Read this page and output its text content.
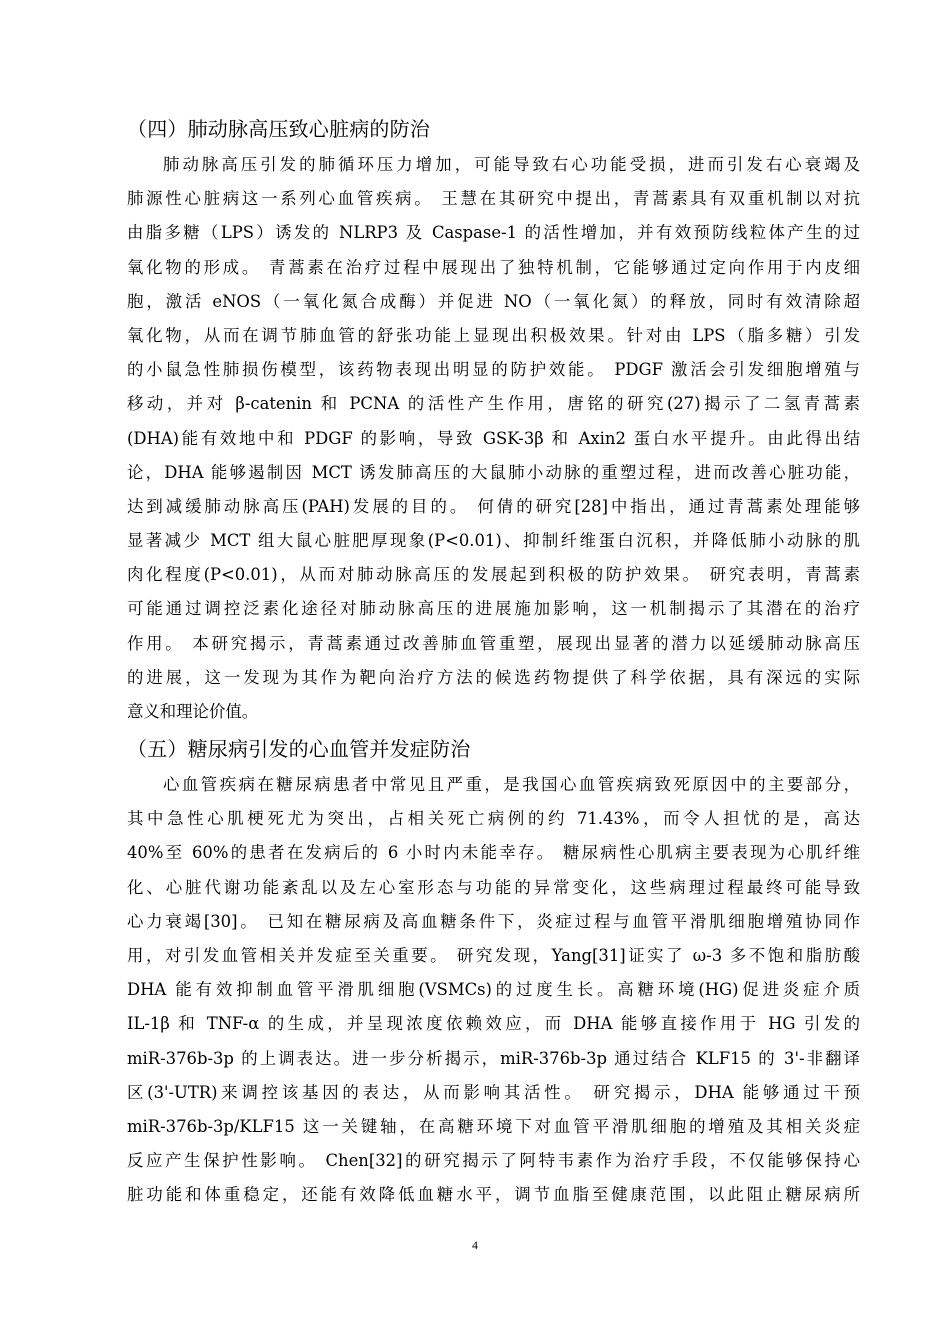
（四）肺动脉高压致心脏病的防治
肺动脉高压引发的肺循环压力增加，可能导致右心功能受损，进而引发右心衰竭及
肺源性心脏病这一系列心血管疾病。 王慧在其研究中提出，青蒿素具有双重机制以对抗
由脂多糖（LPS）诱发的 NLRP3 及 Caspase-1 的活性增加，并有效预防线粒体产生的过
氧化物的形成。 青蒿素在治疗过程中展现出了独特机制，它能够通过定向作用于内皮细
胞，激活 eNOS（一氧化氮合成酶）并促进 NO（一氧化氮）的释放，同时有效清除超
氧化物，从而在调节肺血管的舒张功能上显现出积极效果。针对由 LPS（脂多糖）引发
的小鼠急性肺损伤模型，该药物表现出明显的防护效能。 PDGF 激活会引发细胞增殖与
移动，并对 β-catenin 和 PCNA 的活性产生作用，唐铭的研究(27)揭示了二氢青蒿素
(DHA)能有效地中和 PDGF 的影响，导致 GSK-3β 和 Axin2 蛋白水平提升。由此得出结
论，DHA 能够遏制因 MCT 诱发肺高压的大鼠肺小动脉的重塑过程，进而改善心脏功能，
达到减缓肺动脉高压(PAH)发展的目的。 何倩的研究[28]中指出，通过青蒿素处理能够
显著减少 MCT 组大鼠心脏肥厚现象(P<0.01)、抑制纤维蛋白沉积，并降低肺小动脉的肌
肉化程度(P<0.01)，从而对肺动脉高压的发展起到积极的防护效果。 研究表明，青蒿素
可能通过调控泛素化途径对肺动脉高压的进展施加影响，这一机制揭示了其潜在的治疗
作用。 本研究揭示，青蒿素通过改善肺血管重塑，展现出显著的潜力以延缓肺动脉高压
的进展，这一发现为其作为靶向治疗方法的候选药物提供了科学依据，具有深远的实际
意义和理论价值。
（五）糖尿病引发的心血管并发症防治
心血管疾病在糖尿病患者中常见且严重，是我国心血管疾病致死原因中的主要部分，
其中急性心肌梗死尤为突出，占相关死亡病例的约 71.43%，而令人担忧的是，高达
40%至 60%的患者在发病后的 6 小时内未能幸存。 糖尿病性心肌病主要表现为心肌纤维
化、心脏代谢功能紊乱以及左心室形态与功能的异常变化，这些病理过程最终可能导致
心力衰竭[30]。 已知在糖尿病及高血糖条件下，炎症过程与血管平滑肌细胞增殖协同作
用，对引发血管相关并发症至关重要。 研究发现，Yang[31]证实了 ω-3 多不饱和脂肪酸
DHA 能有效抑制血管平滑肌细胞(VSMCs)的过度生长。高糖环境(HG)促进炎症介质
IL-1β 和 TNF-α 的生成，并呈现浓度依赖效应，而 DHA 能够直接作用于 HG 引发的
miR-376b-3p 的上调表达。进一步分析揭示，miR-376b-3p 通过结合 KLF15 的 3'-非翻译
区(3'-UTR)来调控该基因的表达，从而影响其活性。 研究揭示，DHA 能够通过干预
miR-376b-3p/KLF15 这一关键轴，在高糖环境下对血管平滑肌细胞的增殖及其相关炎症
反应产生保护性影响。 Chen[32]的研究揭示了阿特韦素作为治疗手段，不仅能够保持心
脏功能和体重稳定，还能有效降低血糖水平，调节血脂至健康范围，以此阻止糖尿病所
4
